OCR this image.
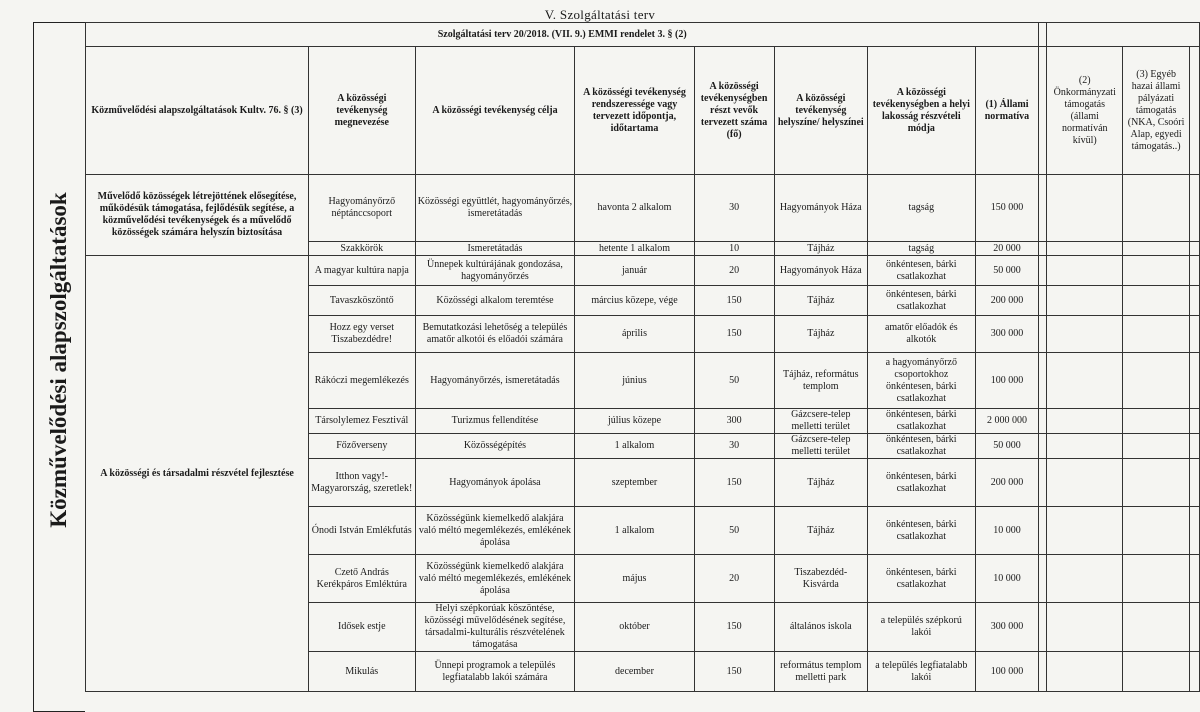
V. Szolgáltatási terv
Közművelődési alapszolgáltatások
Szolgáltatási terv 20/2018. (VII. 9.) EMMI rendelet 3. § (2)											
Közművelődési alapszolgáltatások Kultv. 76. § (3)	A közösségi tevékenység megnevezése	A közösségi tevékenység célja	A közösségi tevékenység rendszeressége vagy tervezett időpontja, időtartama	A közösségi tevékenységben részt vevők tervezett száma (fő)	A közösségi tevékenység helyszíne/ helyszínei	A közösségi tevékenységben a helyi lakosság részvételi módja	(1) Állami normatíva		(2) Önkormányzati támogatás (állami normatíván kívül)	(3) Egyéb hazai állami pályázati támogatás (NKA, Csoóri Alap, egyedi támogatás..)	
Művelődő közösségek létrejöttének elősegítése, működésük támogatása, fejlődésük segítése, a közművelődési tevékenységek és a művelődő közösségek számára helyszín biztosítása	Hagyományőrző néptánccsoport	Közösségi együttlét, hagyományőrzés, ismeretátadás	havonta 2 alkalom	30	Hagyományok Háza	tagság	150 000				
	Szakkörök	Ismeretátadás	hetente 1 alkalom	10	Tájház	tagság	20 000				
A közösségi és társadalmi részvétel fejlesztése	A magyar kultúra napja	Ünnepek kultúrájának gondozása, hagyományőrzés	január	20	Hagyományok Háza	önkéntesen, bárki csatlakozhat	50 000				
	Tavaszköszöntő	Közösségi alkalom teremtése	március közepe, vége	150	Tájház	önkéntesen, bárki csatlakozhat	200 000				
	Hozz egy verset Tiszabezdédre!	Bemutatkozási lehetőség a település amatőr alkotói és előadói számára	április	150	Tájház	amatőr előadók és alkotók	300 000				
	Rákóczi megemlékezés	Hagyományőrzés, ismeretátadás	június	50	Tájház, református templom	a hagyományőrző csoportokhoz önkéntesen, bárki csatlakozhat	100 000				
	Társolylemez Fesztivál	Turizmus fellendítése	július közepe	300	Gázcsere-telep melletti terület	önkéntesen, bárki csatlakozhat	2 000 000				
	Főzőverseny	Közösségépítés	1 alkalom	30	Gázcsere-telep melletti terület	önkéntesen, bárki csatlakozhat	50 000				
	Itthon vagy!- Magyarország, szeretlek!	Hagyományok ápolása	szeptember	150	Tájház	önkéntesen, bárki csatlakozhat	200 000				
	Ónodi István Emlékfutás	Közösségünk kiemelkedő alakjára való méltó megemlékezés, emlékének ápolása	1 alkalom	50	Tájház	önkéntesen, bárki csatlakozhat	10 000				
	Czető András Kerékpáros Emléktúra	Közösségünk kiemelkedő alakjára való méltó megemlékezés, emlékének ápolása	május	20	Tiszabezdéd-Kisvárda	önkéntesen, bárki csatlakozhat	10 000				
	Idősek estje	Helyi szépkorúak köszöntése, közösségi művelődésének segítése, társadalmi-kulturális részvételének támogatása	október	150	általános iskola	a település szépkorú lakói	300 000				
	Mikulás	Ünnepi programok a település legfiatalabb lakói számára	december	150	református templom melletti park	a település legfiatalabb lakói	100 000				
